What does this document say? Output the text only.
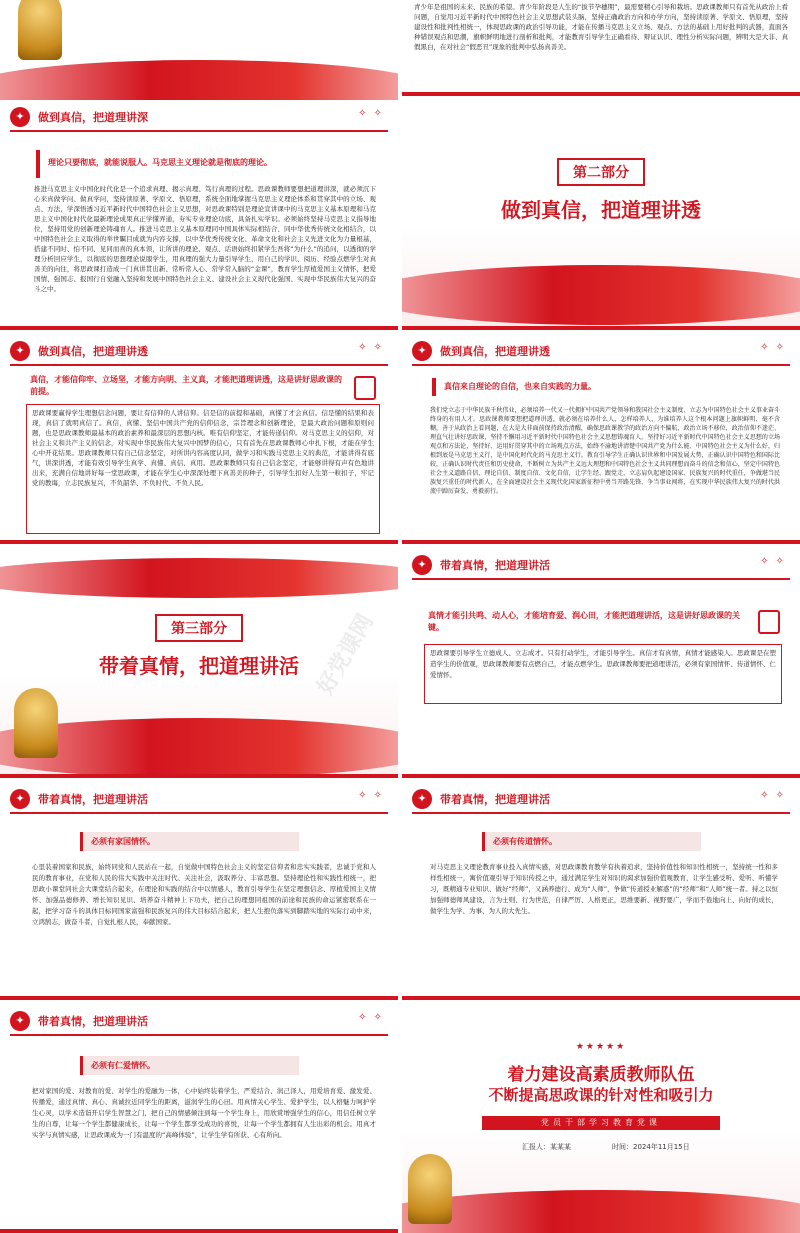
青少年是祖国的未来、民族的希望。青少年阶段是人生的“拔节孕穗期”，最需要精心引导和栽培。思政课教师只有首先从政治上看问题，自觉用习近平新时代中国特色社会主义思想武装头脑，坚持正确政治方向和办学方向，坚持读原著、学原文、悟原理，坚持建设性和批判性相统一，体现思政课的政治引导功能，才能在传播马克思主义立场、观点、方法的基础上用好批判的武器，直面各种错误观点和思潮，旗帜鲜明地进行剖析和批判，才能教育引导学生正确看待、辩证认识、理性分析实际问题，辨明大是大非、真假黑白，在对社会“假恶丑”现象的批判中弘扬真善美。
✦	做到真信，把道理讲深	✧ ✧
理论只要彻底，就能说服人。马克思主义理论就是彻底的理论。
推进马克思主义中国化时代化是一个追求真理、揭示真理、笃行真理的过程。思政课教师要想把道理讲深，就必须沉下心来真做学问、做真学问，坚持读原著、学原文、悟原理，系统全面地掌握马克思主义理论体系和贯穿其中的立场、观点、方法，学深悟透习近平新时代中国特色社会主义思想，对思政课特别是理论宣讲课中的马克思主义基本原理和马克思主义中国化时代化最新理论成果真正学懂弄通，夯实专业理论功底，具备扎实学识。必须始终坚持马克思主义指导地位，坚持用党的创新理论铸魂育人。推进马克思主义基本原理同中国具体实际相结合、同中华优秀传统文化相结合，以中国特色社会主义取得的举世瞩目成就为内容支撑，以中华优秀传统文化、革命文化和社会主义先进文化为力量根基，搭建不同时、怕不同、见同而喜的真本领，让所讲的理论、观点、话语始终扣紧学生吾将“为什么”的追问，以透彻的学理分析回应学生，以彻底的思想理论说服学生，用真理的强大力量引导学生，用自己的学识、阅历、经验点燃学生对真善美的向往，将思政课打造成一门真讲贯出新、常听常入心、常学常入脑的“金课”，教育学生厚植爱国主义情怀，把爱国情、强国志、报国行自觉融入坚持和发展中国特色社会主义、建设社会主义现代化强国、实现中华民族伟大复兴的奋斗之中。
第二部分
做到真信，把道理讲透
✦	做到真信，把道理讲透	✧ ✧
真信，才能信仰牢、立场坚，才能方向明、主义真，才能把道理讲透，这是讲好思政课的前提。
思政课要赢得学生理想信念问题，要让有信仰的人讲信仰。信是信的前提和基础，真懂了才会真信。信是懂的结果和表现，真信了就明真信了。真信，真懂、坚信中国共产党的信仰信念，宗旨理念和创新理论，是最大政治问题和原则问题，也是思政课教师最基本的政治素养和最深层的思想内核。唯有信仰坚定，才能传递信仰。对马克思主义的信仰，对社会主义和共产主义的信念，对实现中华民族伟大复兴中国梦的信心，只有首先在思政课教师心中扎下根，才能在学生心中开花结果。思政课教师只有自己信念坚定，对所讲内容高度认同，做学习和实践马克思主义的典范，才能讲得有底气，讲深讲透，才能有效引导学生真学、真懂、真信、真用。思政课教师只有自己信念坚定，才能够讲得有声有色地讲出来，充满自信地讲好每一堂思政课，才能在学生心中深深处理下真善美的种子，引导学生扣好人生第一粒扣子，牢记党的教诲，立志民族复兴，不负韶华、不负时代、不负人民。
✦	做到真信，把道理讲透	✧ ✧
真信来自理论的自信，也来自实践的力量。
我们党立志于中华民族千秋伟业，必须培养一代又一代拥护中国共产党领导和我国社会主义制度、立志为中国特色社会主义事业奋斗终身的有用人才。思政课教师要想把道理讲透，就必须在培养什么人、怎样培养人、为谁培养人这个根本问题上旗帜鲜明、毫不含糊，善于从政治上看问题，在大是大非面前保持政治清醒，确保思政课教学的政治方向不偏航、政治立场不移位，政治信仰不迷茫、理直气壮讲好思政课，坚持不懈用习近平新时代中国特色社会主义思想铸魂育人。坚持好习近平新时代中国特色社会主义思想的立场观点和方法论，坚持好、运用好贯穿其中的立场观点方法，始终不渝地讲清楚中国共产党为什么能、中国特色社会主义为什么好，归根到底是马克思主义行，是中国化时代化的马克思主义行。教育引导学生正确认识世界和中国发展大势，正确认识中国特色和国际比较，正确认识时代责任和历史使命，不断树立为共产主义远大理想和中国特色社会主义共同理想而奋斗的信念和信心，坚定中国特色社会主义道路自信、理论自信、制度自信、文化自信，让学生经、跟党走，立志肩负起建设国家、民族复兴的时代重任，争做堪当民族复兴重任的时代新人，在全面建设社会主义现代化国家新征程中勇当开路先锋、争当事业闯将，在实现中华民族伟大复兴的时代洪流中踔厉奋发、勇毅前行。
第三部分
带着真情，把道理讲活 好党课网
✦	带着真情，把道理讲活	✧ ✧
真情才能引共鸣、动人心，才能培育爱、润心田，才能把道理讲活，这是讲好思政课的关键。
思政课要引导学生立德成人、立志成才。只有打动学生，才能引导学生。真信才有真情，真情才能感染人。思政课是在塑造学生的价值观，思政课教师要有点燃自己，才能点燃学生。思政课教师要把道理讲活，必须有家国情怀、传道情怀、仁爱情怀。
✦	带着真情，把道理讲活	✧ ✧
必须有家国情怀。
心里装着国家和民族，始终同党和人民站在一起，自觉做中国特色社会主义的坚定信仰者和忠实实践者，忠诚于党和人民的教育事业，在党和人民的伟大实践中关注时代、关注社会，汲取养分、丰富思想。坚持理论性和实践性相统一，把思政小课堂同社会大课堂结合起来，在理论和实践的结合中以情感人，教育引导学生在坚定理想信念、厚植爱国主义情怀、加强品德修养、增长知识见识、培养奋斗精神上下功夫，把自己的理想同祖国的前途和民族的命运紧密联系在一起，把学习奋斗的具体目标同国家富强和民族复兴的伟大目标结合起来，把人生抱负落实到脚踏实地的实际行动中来，立鸿鹄志，做奋斗者，自觉扎根人民，奉献国家。
✦	带着真情，把道理讲活	✧ ✧
必须有传道情怀。
对马克思主义理论教育事业投入真情实感，对思政课教育教学有执着追求，坚持价值性和知识性相统一，坚持统一性和多样性相统一，寓价值观引导于知识传授之中，通过满足学生对知识的渴求加强价值观教育，让学生感受听、爱听、听懂学习，既精通专业知识、做好“经师”，又涵养德行、成为“人师”，争做“传道授业解惑”的“经师”和“人师”统一者。持之以恒加强师德师风建设，言为士则、行为世范，自律严厉、人格更正，思维要新、视野要广，学而不倦地向上、向好的成长，做学生为学、为事、为人的大先生。
✦	带着真情，把道理讲活	✧ ✧
必须有仁爱情怀。
把对家国的爱、对教育的爱、对学生的爱融为一体，心中始终装着学生，严爱结合、润己泽人，用爱培育爱、激发爱、传播爱，通过真情、真心、真诚拉近同学生的距离，滋润学生的心田。用真情关心学生、爱护学生，以人格魅力呵护学生心灵，以学术造诣开启学生智慧之门，把自己的情感倾注到每一个学生身上，用欣赏增强学生的信心，用信任树立学生的自尊，让每一个学生都健康成长，让每一个学生都享受成功的喜悦，让每一个学生都拥有人生出彩的机会。用真才实学与真情实感，让思政课成为一门有温度的“高峰体验”，让学生学有所获、心有所向。
★★★★★
着力建设高素质教师队伍
不断提高思政课的针对性和吸引力
党员干部学习教育党课
汇报人：某某某	时间：2024年11月15日
